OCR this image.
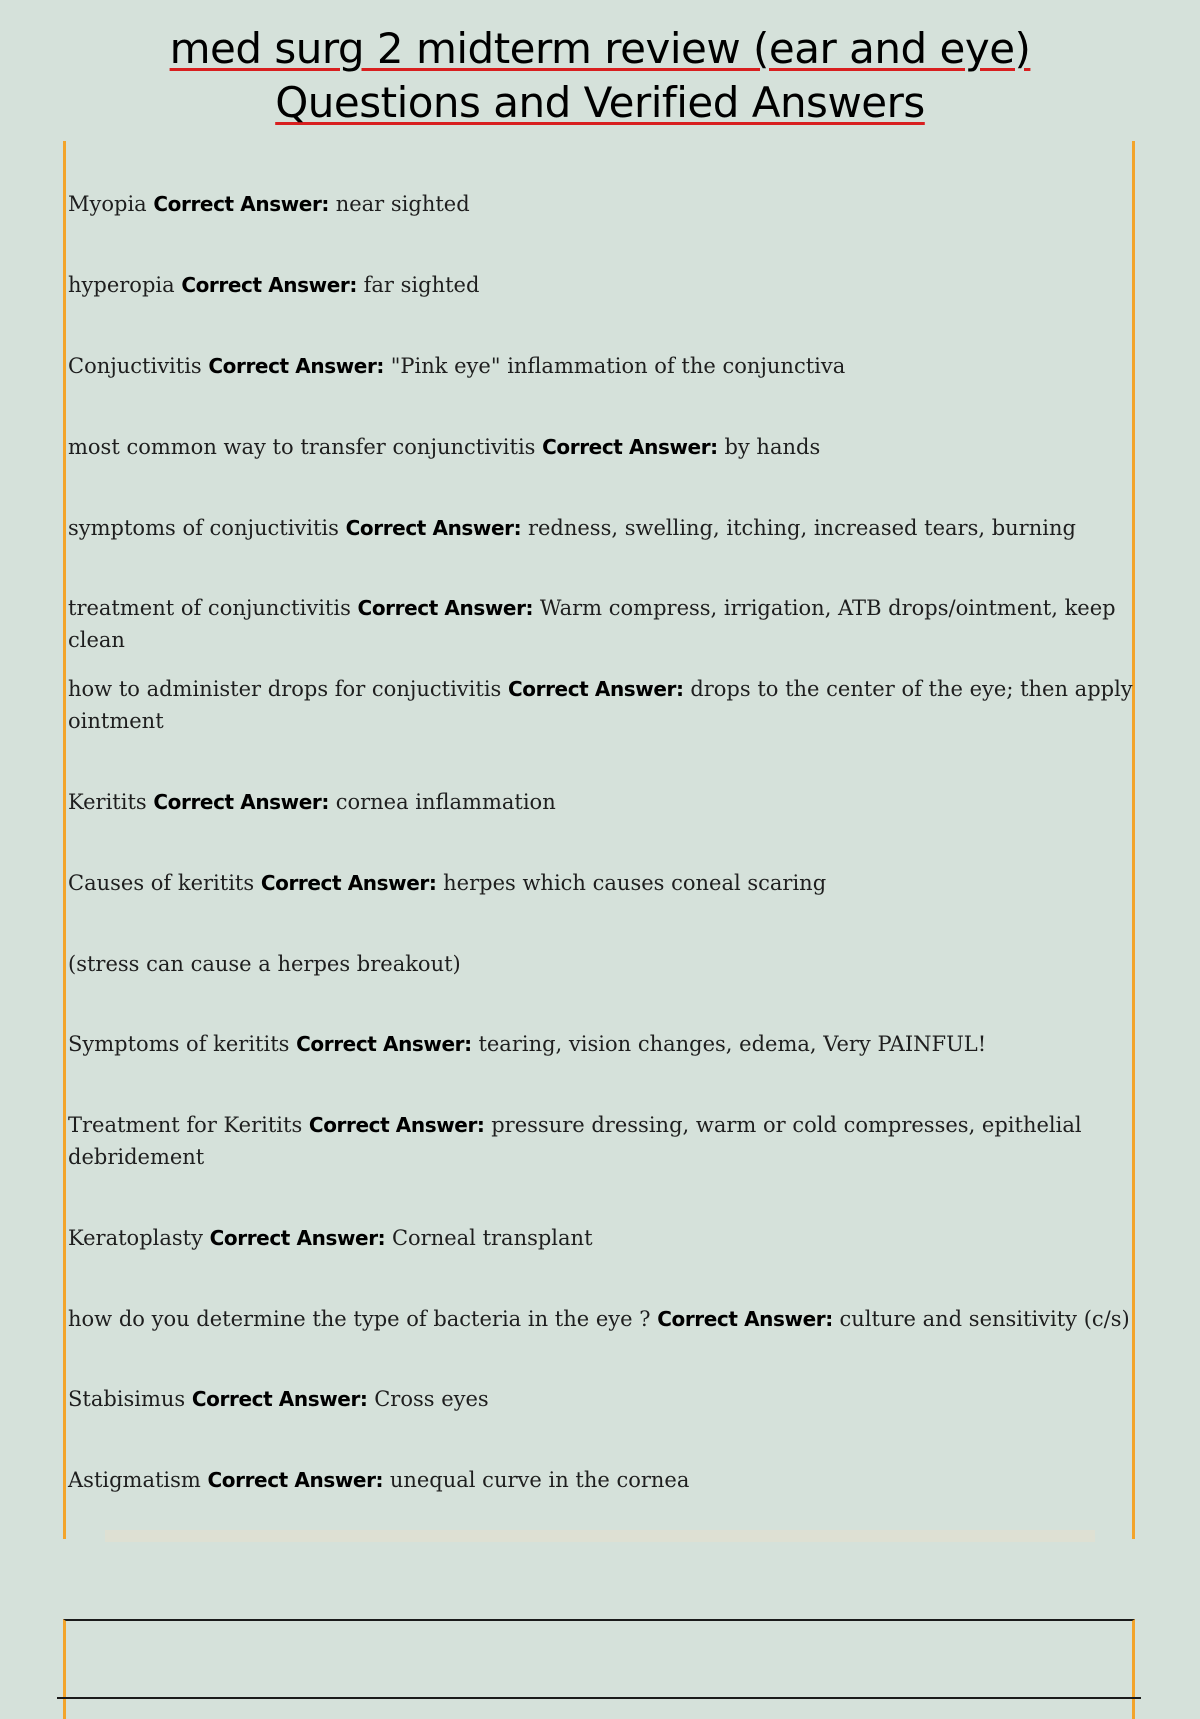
med surg 2 midterm review (ear and eye)
Questions and Verified Answers
Myopia Correct Answer: near sighted
hyperopia Correct Answer: far sighted
Conjuctivitis Correct Answer: "Pink eye" inflammation of the conjunctiva
most common way to transfer conjunctivitis Correct Answer: by hands
symptoms of conjuctivitis Correct Answer: redness, swelling, itching, increased tears, burning
treatment of conjunctivitis Correct Answer: Warm compress, irrigation, ATB drops/ointment, keep clean
how to administer drops for conjuctivitis Correct Answer: drops to the center of the eye; then apply ointment
Keritits Correct Answer: cornea inflammation
Causes of keritits Correct Answer: herpes which causes coneal scaring
(stress can cause a herpes breakout)
Symptoms of keritits Correct Answer: tearing, vision changes, edema, Very PAINFUL!
Treatment for Keritits Correct Answer: pressure dressing, warm or cold compresses, epithelial debridement
Keratoplasty Correct Answer: Corneal transplant
how do you determine the type of bacteria in the eye ? Correct Answer: culture and sensitivity (c/s)
Stabisimus Correct Answer: Cross eyes
Astigmatism Correct Answer: unequal curve in the cornea
